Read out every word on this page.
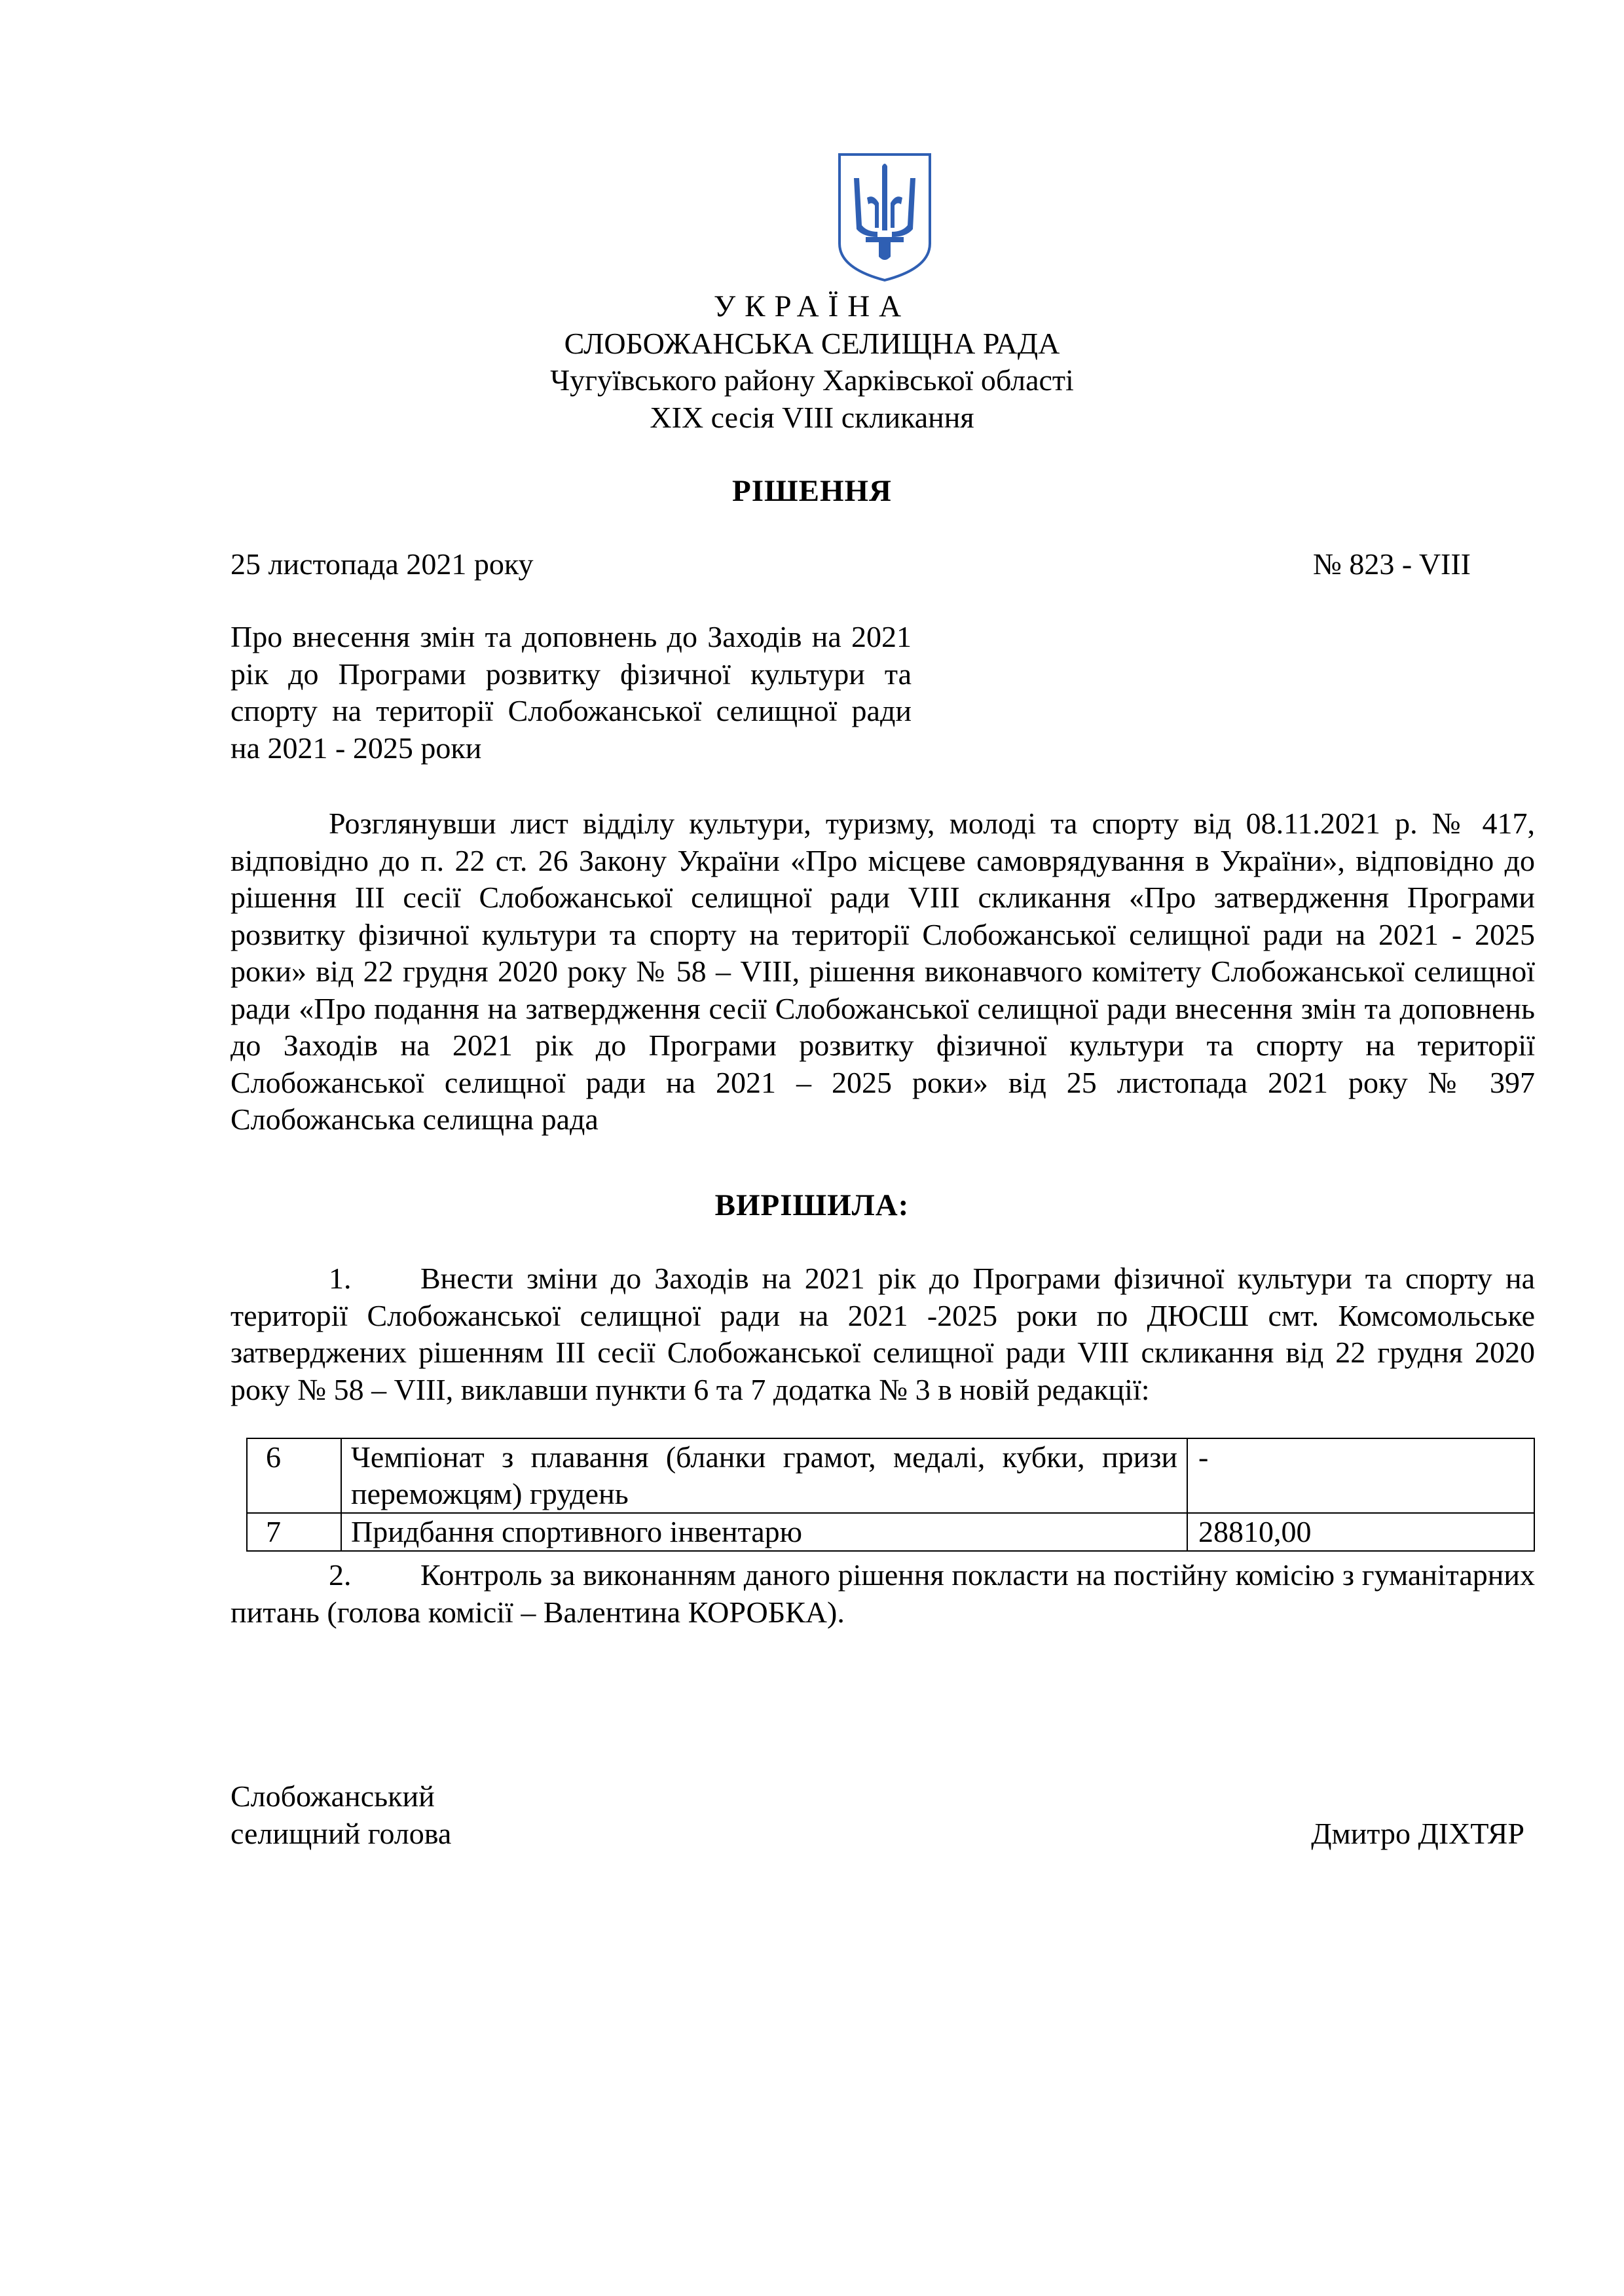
УКРАЇНА
СЛОБОЖАНСЬКА СЕЛИЩНА РАДА
Чугуївського району Харківської області
XIX сесія VIII скликання
РІШЕННЯ
25 листопада 2021 року	№ 823 - VIII
Про внесення змін та доповнень до Заходів на 2021 рік до Програми розвитку фізичної культури та спорту на території Слобожанської селищної ради на 2021 - 2025 роки
Розглянувши лист відділу культури, туризму, молоді та спорту від 08.11.2021 р. № 417, відповідно до п. 22 ст. 26 Закону України «Про місцеве самоврядування в України», відповідно до рішення ІІІ сесії Слобожанської селищної ради VIII скликання «Про затвердження Програми розвитку фізичної культури та спорту на території Слобожанської селищної ради на 2021 - 2025 роки» від 22 грудня 2020 року № 58 – VIII, рішення виконавчого комітету Слобожанської селищної ради «Про подання на затвердження сесії Слобожанської селищної ради внесення змін та доповнень до Заходів на 2021 рік до Програми розвитку фізичної культури та спорту на території Слобожанської селищної ради на 2021 – 2025 роки» від 25 листопада 2021 року № 397 Слобожанська селищна рада
ВИРІШИЛА:
1. Внести зміни до Заходів на 2021 рік до Програми фізичної культури та спорту на території Слобожанської селищної ради на 2021 -2025 роки по ДЮСШ смт. Комсомольське затверджених рішенням ІІІ сесії Слобожанської селищної ради VIII скликання від 22 грудня 2020 року № 58 – VIII, виклавши пункти 6 та 7 додатка № 3 в новій редакції:
6	Чемпіонат з плавання (бланки грамот, медалі, кубки, призи переможцям) грудень	-
7	Придбання спортивного інвентарю	28810,00
2. Контроль за виконанням даного рішення покласти на постійну комісію з гуманітарних питань (голова комісії – Валентина КОРОБКА).
Слобожанський
селищний голова	Дмитро ДІХТЯР
